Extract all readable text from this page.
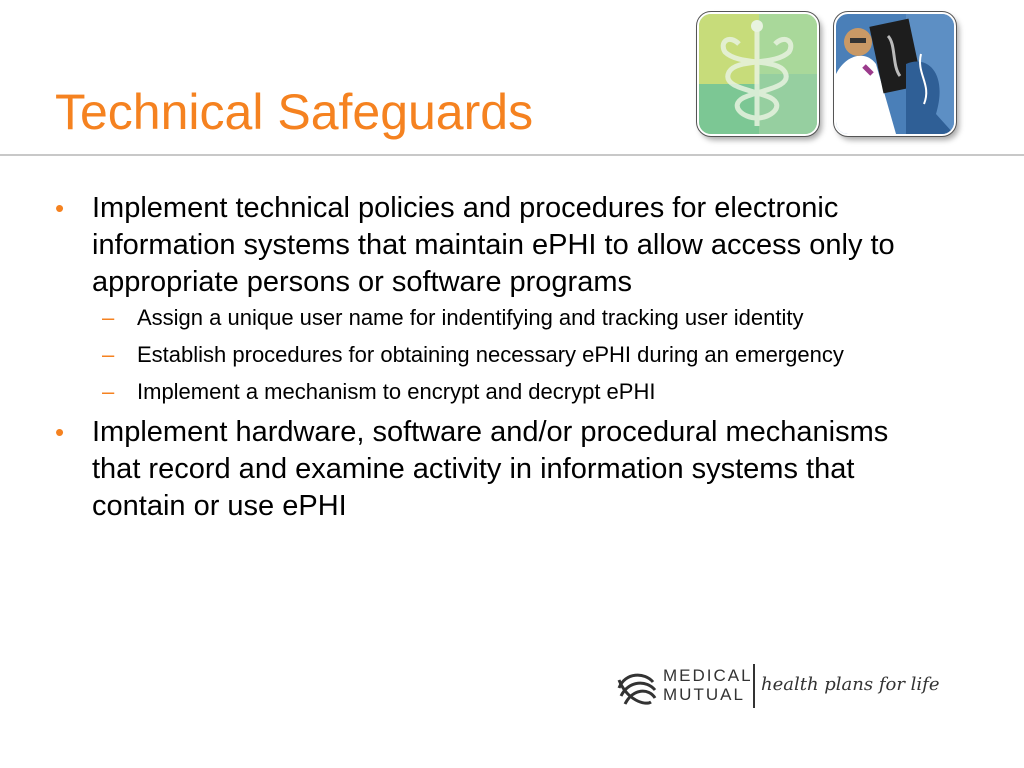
Technical Safeguards
• Implement technical policies and procedures for electronic information systems that maintain ePHI to allow access only to appropriate persons or software programs
– Assign a unique user name for indentifying and tracking user identity
– Establish procedures for obtaining necessary ePHI during an emergency
– Implement a mechanism to encrypt and decrypt ePHI
• Implement hardware, software and/or procedural mechanisms that record and examine activity in information systems that contain or use ePHI
MEDICAL
MUTUAL health plans for life
